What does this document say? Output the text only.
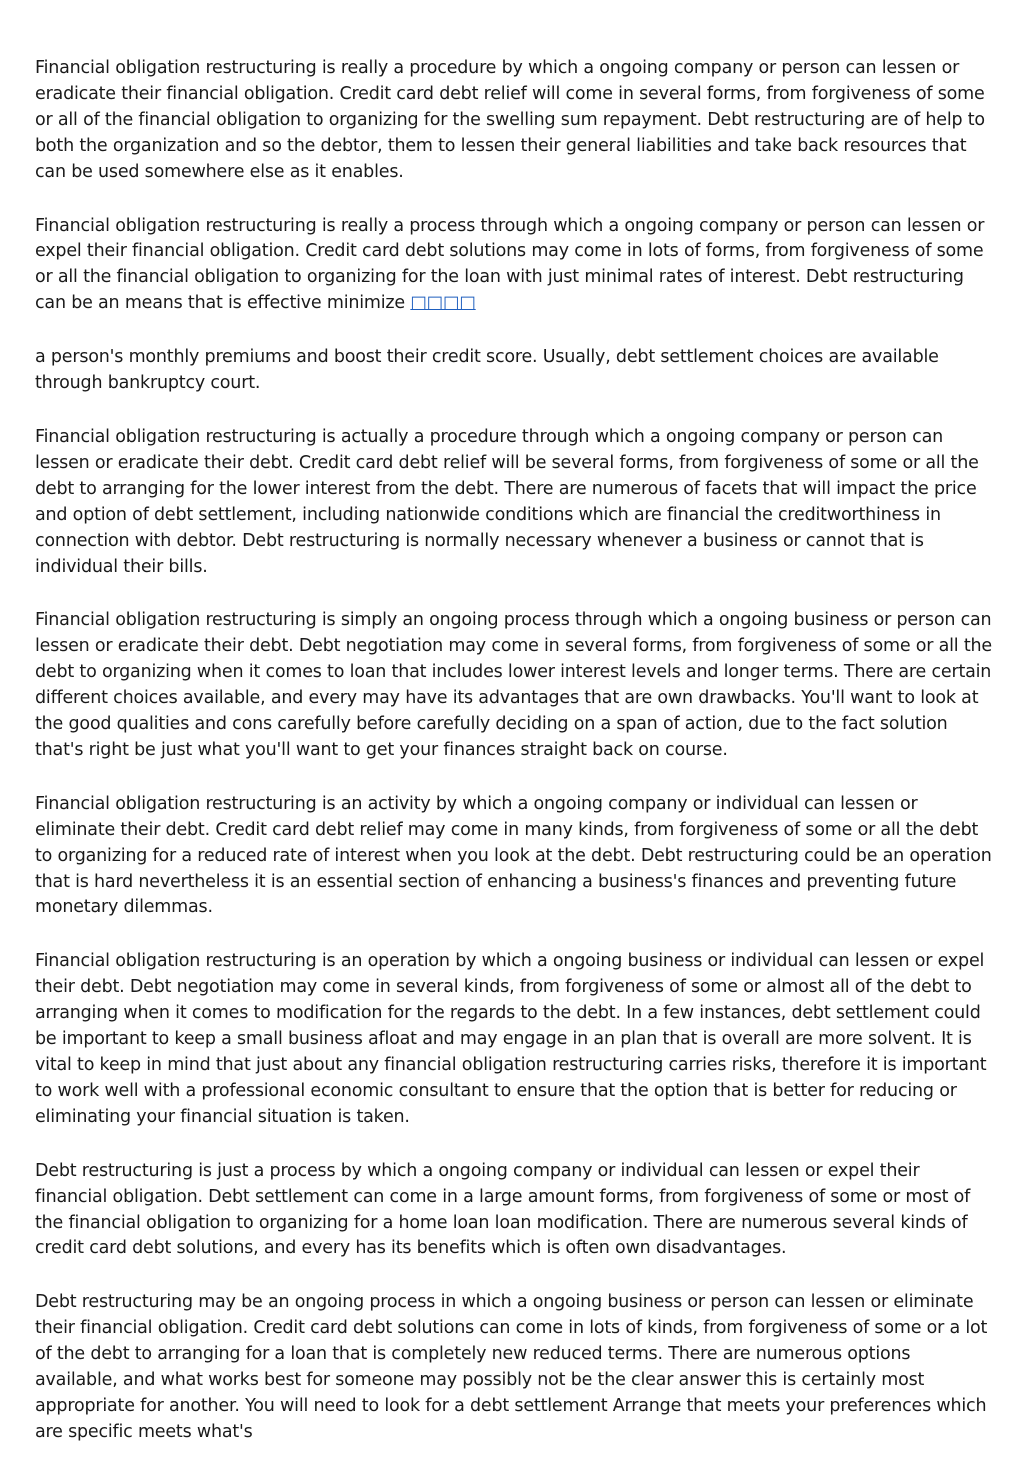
Financial obligation restructuring is really a procedure by which a ongoing company or person can lessen or eradicate their financial obligation. Credit card debt relief will come in several forms, from forgiveness of some or all of the financial obligation to organizing for the swelling sum repayment. Debt restructuring are of help to both the organization and so the debtor, them to lessen their general liabilities and take back resources that can be used somewhere else as it enables.

Financial obligation restructuring is really a process through which a ongoing company or person can lessen or expel their financial obligation. Credit card debt solutions may come in lots of forms, from forgiveness of some or all the financial obligation to organizing for the loan with just minimal rates of interest. Debt restructuring can be an means that is effective minimize □□□□

a person's monthly premiums and boost their credit score. Usually, debt settlement choices are available through bankruptcy court.

Financial obligation restructuring is actually a procedure through which a ongoing company or person can lessen or eradicate their debt. Credit card debt relief will be several forms, from forgiveness of some or all the debt to arranging for the lower interest from the debt. There are numerous of facets that will impact the price and option of debt settlement, including nationwide conditions which are financial the creditworthiness in connection with debtor. Debt restructuring is normally necessary whenever a business or cannot that is individual their bills.

Financial obligation restructuring is simply an ongoing process through which a ongoing business or person can lessen or eradicate their debt. Debt negotiation may come in several forms, from forgiveness of some or all the debt to organizing when it comes to loan that includes lower interest levels and longer terms. There are certain different choices available, and every may have its advantages that are own drawbacks. You'll want to look at the good qualities and cons carefully before carefully deciding on a span of action, due to the fact solution that's right be just what you'll want to get your finances straight back on course.

Financial obligation restructuring is an activity by which a ongoing company or individual can lessen or eliminate their debt. Credit card debt relief may come in many kinds, from forgiveness of some or all the debt to organizing for a reduced rate of interest when you look at the debt. Debt restructuring could be an operation that is hard nevertheless it is an essential section of enhancing a business's finances and preventing future monetary dilemmas.

Financial obligation restructuring is an operation by which a ongoing business or individual can lessen or expel their debt. Debt negotiation may come in several kinds, from forgiveness of some or almost all of the debt to arranging when it comes to modification for the regards to the debt. In a few instances, debt settlement could be important to keep a small business afloat and may engage in an plan that is overall are more solvent. It is vital to keep in mind that just about any financial obligation restructuring carries risks, therefore it is important to work well with a professional economic consultant to ensure that the option that is better for reducing or eliminating your financial situation is taken.

Debt restructuring is just a process by which a ongoing company or individual can lessen or expel their financial obligation. Debt settlement can come in a large amount forms, from forgiveness of some or most of the financial obligation to organizing for a home loan loan modification. There are numerous several kinds of credit card debt solutions, and every has its benefits which is often own disadvantages.

Debt restructuring may be an ongoing process in which a ongoing business or person can lessen or eliminate their financial obligation. Credit card debt solutions can come in lots of kinds, from forgiveness of some or a lot of the debt to arranging for a loan that is completely new reduced terms. There are numerous options available, and what works best for someone may possibly not be the clear answer this is certainly most appropriate for another. You will need to look for a debt settlement Arrange that meets your preferences which are specific meets what's
